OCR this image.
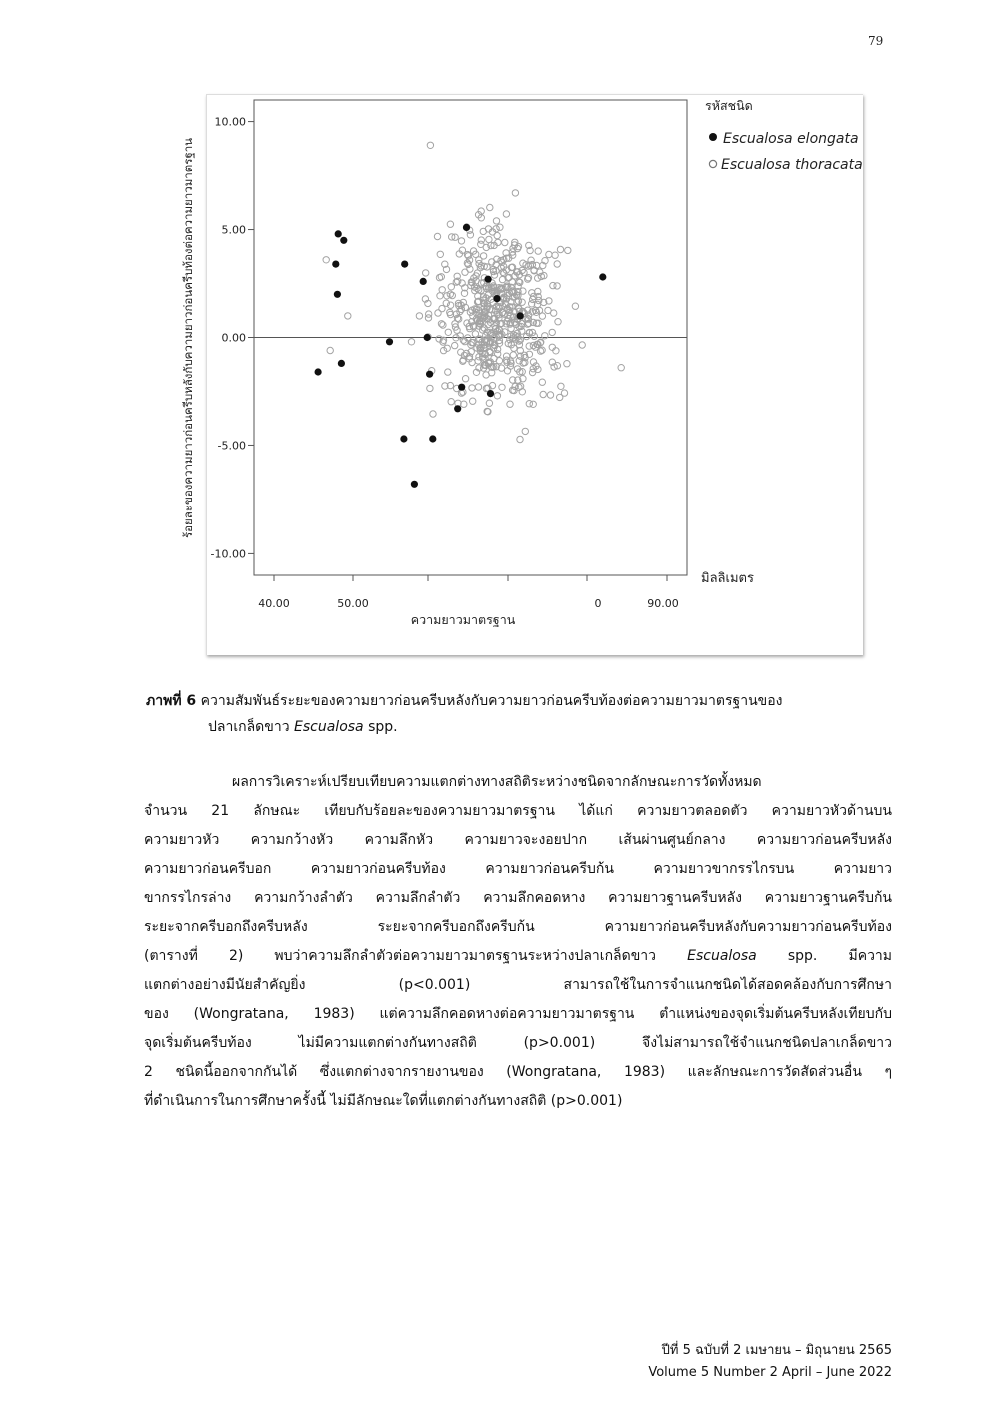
79
10.00
5.00
0.00
-5.00
-10.00
40.00	50.00	0	90.00
ร้อยละของความยาวก่อนครีบหลังกับความยาวก่อนครีบท้องต่อความยาวมาตรฐาน
ความยาวมาตรฐาน
มิลลิเมตร
รหัสชนิด
Escualosa elongata
Escualosa thoracata
ภาพที่ 6 ความสัมพันธ์ระยะของความยาวก่อนครีบหลังกับความยาวก่อนครีบท้องต่อความยาวมาตรฐานของ
ปลาเกล็ดขาว Escualosa spp.
ผลการวิเคราะห์เปรียบเทียบความแตกต่างทางสถิติระหว่างชนิดจากลักษณะการวัดทั้งหมด
จำนวน 21 ลักษณะ เทียบกับร้อยละของความยาวมาตรฐาน ได้แก่ ความยาวตลอดตัว ความยาวหัวด้านบน
ความยาวหัว ความกว้างหัว ความลึกหัว ความยาวจะงอยปาก เส้นผ่านศูนย์กลาง ความยาวก่อนครีบหลัง
ความยาวก่อนครีบอก ความยาวก่อนครีบท้อง ความยาวก่อนครีบก้น ความยาวขากรรไกรบน ความยาว
ขากรรไกรล่าง ความกว้างลำตัว ความลึกลำตัว ความลึกคอดหาง ความยาวฐานครีบหลัง ความยาวฐานครีบก้น
ระยะจากครีบอกถึงครีบหลัง ระยะจากครีบอกถึงครีบก้น ความยาวก่อนครีบหลังกับความยาวก่อนครีบท้อง
(ตารางที่ 2) พบว่าความลึกลำตัวต่อความยาวมาตรฐานระหว่างปลาเกล็ดขาว Escualosa spp. มีความ
แตกต่างอย่างมีนัยสำคัญยิ่ง (p<0.001) สามารถใช้ในการจำแนกชนิดได้สอดคล้องกับการศึกษา
ของ (Wongratana, 1983) แต่ความลึกคอดหางต่อความยาวมาตรฐาน ตำแหน่งของจุดเริ่มต้นครีบหลังเทียบกับ
จุดเริ่มต้นครีบท้อง ไม่มีความแตกต่างกันทางสถิติ (p>0.001) จึงไม่สามารถใช้จำแนกชนิดปลาเกล็ดขาว
2 ชนิดนี้ออกจากกันได้ ซึ่งแตกต่างจากรายงานของ (Wongratana, 1983) และลักษณะการวัดสัดส่วนอื่น ๆ
ที่ดำเนินการในการศึกษาครั้งนี้ ไม่มีลักษณะใดที่แตกต่างกันทางสถิติ (p>0.001)
ปีที่ 5 ฉบับที่ 2 เมษายน – มิถุนายน 2565
Volume 5 Number 2 April – June 2022
